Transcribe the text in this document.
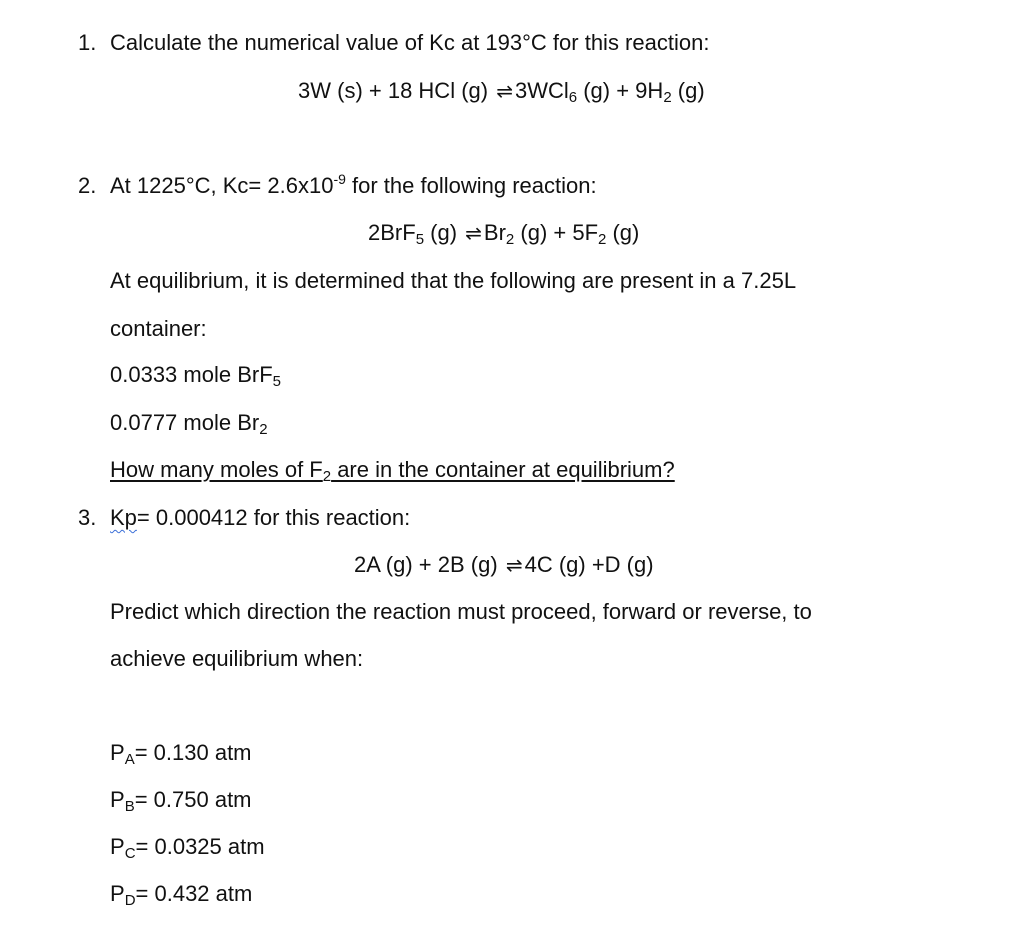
1. Calculate the numerical value of Kc at 193°C for this reaction:
3W (s) + 18 HCl (g) ⇌3WCl$_6$ $(g) + 9H_2$ (g)
2. At 1225°C, $Kc= 2.6x10^{-9}$ for the following reaction:
2BrF$_5$ (g) $\rightleftharpoons Br_2$ $(g) + 5F_2$ (g)
At equilibrium, it is determined that the following are present in a 7.25L
container:
0.0333 mole BrF$_5$
0.0777 mole $Br_2$
How many moles of $F_2$ are in the container at equilibrium?
3. Kp= 0.000412 for this reaction:
2A (g) + 2B (g) ⇌4C (g) +D (g)
Predict which direction the reaction must proceed, forward or reverse, to
achieve equilibrium when:
$P_A= 0.130$ atm
$P_B= 0.750$ atm
$P_C= 0.0325$ atm
$P_D= 0.432$ atm
